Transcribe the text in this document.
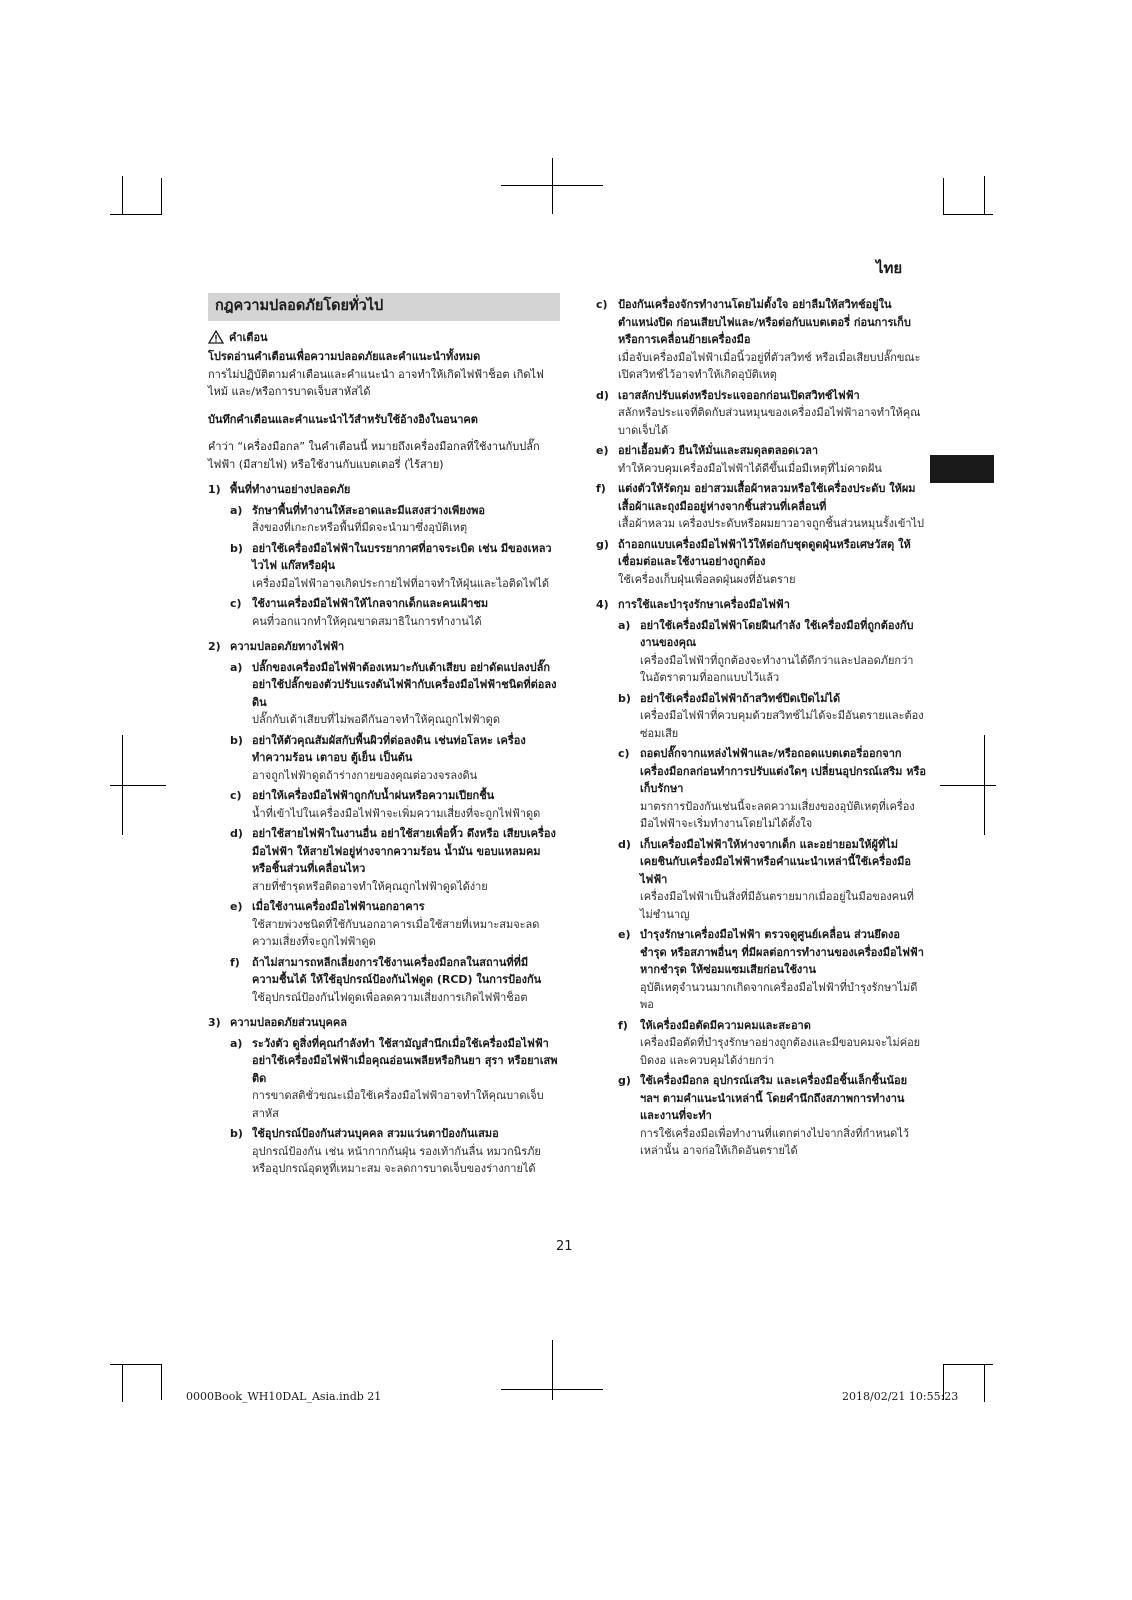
ไทย
กฎความปลอดภัยโดยทั่วไป
คำเตือน
โปรดอ่านคำเตือนเพื่อความปลอดภัยและคำแนะนำทั้งหมด
การไม่ปฏิบัติตามคำเตือนและคำแนะนำ อาจทำให้เกิดไฟฟ้าช็อต เกิดไฟไหม้ และ/หรือการบาดเจ็บสาหัสได้
บันทึกคำเตือนและคำแนะนำไว้สำหรับใช้อ้างอิงในอนาคต
คำว่า “เครื่องมือกล” ในคำเตือนนี้ หมายถึงเครื่องมือกลที่ใช้งานกับปลั๊กไฟฟ้า (มีสายไฟ) หรือใช้งานกับแบตเตอรี่ (ไร้สาย)
1) พื้นที่ทำงานอย่างปลอดภัย
a) รักษาพื้นที่ทำงานให้สะอาดและมีแสงสว่างเพียงพอ
สิ่งของที่เกะกะหรือพื้นที่มืดจะนำมาซึ่งอุบัติเหตุ
b) อย่าใช้เครื่องมือไฟฟ้าในบรรยากาศที่อาจระเบิด เช่น มีของเหลวไวไฟ แก๊สหรือฝุ่น
เครื่องมือไฟฟ้าอาจเกิดประกายไฟที่อาจทำให้ฝุ่นและไอติดไฟได้
c) ใช้งานเครื่องมือไฟฟ้าให้ไกลจากเด็กและคนเฝ้าชม
คนที่วอกแวกทำให้คุณขาดสมาธิในการทำงานได้
2) ความปลอดภัยทางไฟฟ้า
a) ปลั๊กของเครื่องมือไฟฟ้าต้องเหมาะกับเต้าเสียบ อย่าดัดแปลงปลั๊ก อย่าใช้ปลั๊กของตัวปรับแรงดันไฟฟ้ากับเครื่องมือไฟฟ้าชนิดที่ต่อลงดิน
ปลั๊กกับเต้าเสียบที่ไม่พอดีกันอาจทำให้คุณถูกไฟฟ้าดูด
b) อย่าให้ตัวคุณสัมผัสกับพื้นผิวที่ต่อลงดิน เช่นท่อโลหะ เครื่องทำความร้อน เตาอบ ตู้เย็น เป็นต้น
อาจถูกไฟฟ้าดูดถ้าร่างกายของคุณต่อวงจรลงดิน
c) อย่าให้เครื่องมือไฟฟ้าถูกกับน้ำฝนหรือความเปียกชื้น
น้ำที่เข้าไปในเครื่องมือไฟฟ้าจะเพิ่มความเสี่ยงที่จะถูกไฟฟ้าดูด
d) อย่าใช้สายไฟฟ้าในงานอื่น อย่าใช้สายเพื่อหิ้ว ดึงหรือ เสียบเครื่องมือไฟฟ้า ให้สายไฟอยู่ห่างจากความร้อน น้ำมัน ขอบแหลมคมหรือชิ้นส่วนที่เคลื่อนไหว
สายที่ชำรุดหรือติดอาจทำให้คุณถูกไฟฟ้าดูดได้ง่าย
e) เมื่อใช้งานเครื่องมือไฟฟ้านอกอาคาร
ใช้สายพ่วงชนิดที่ใช้กับนอกอาคารเมื่อใช้สายที่เหมาะสมจะลดความเสี่ยงที่จะถูกไฟฟ้าดูด
f)	ถ้าไม่สามารถหลีกเลี่ยงการใช้งานเครื่องมือกลในสถานที่ที่มีความชื้นได้ ให้ใช้อุปกรณ์ป้องกันไฟดูด (RCD) ในการป้องกัน
ใช้อุปกรณ์ป้องกันไฟดูดเพื่อลดความเสี่ยงการเกิดไฟฟ้าช็อต
3) ความปลอดภัยส่วนบุคคล
a) ระวังตัว ดูสิ่งที่คุณกำลังทำ ใช้สามัญสำนึกเมื่อใช้เครื่องมือไฟฟ้า อย่าใช้เครื่องมือไฟฟ้าเมื่อคุณอ่อนเพลียหรือกินยา สุรา หรือยาเสพติด
การขาดสติชั่วขณะเมื่อใช้เครื่องมือไฟฟ้าอาจทำให้คุณบาดเจ็บสาหัส
b) ใช้อุปกรณ์ป้องกันส่วนบุคคล สวมแว่นตาป้องกันเสมอ
อุปกรณ์ป้องกัน เช่น หน้ากากกันฝุ่น รองเท้ากันลื่น หมวกนิรภัย หรืออุปกรณ์อุดหูที่เหมาะสม จะลดการบาดเจ็บของร่างกายได้
c) ป้องกันเครื่องจักรทำงานโดยไม่ตั้งใจ อย่าลืมให้สวิทช์อยู่ในตำแหน่งปิด ก่อนเสียบไฟและ/หรือต่อกับแบตเตอรี่ ก่อนการเก็บ หรือการเคลื่อนย้ายเครื่องมือ
เมื่อจับเครื่องมือไฟฟ้าเมื่อนิ้วอยู่ที่ตัวสวิทช์ หรือเมื่อเสียบปลั๊กขณะเปิดสวิทช์ไว้อาจทำให้เกิดอุบัติเหตุ
d) เอาสลักปรับแต่งหรือประแจออกก่อนเปิดสวิทช์ไฟฟ้า
สลักหรือประแจที่ติดกับส่วนหมุนของเครื่องมือไฟฟ้าอาจทำให้คุณบาดเจ็บได้
e) อย่าเอื้อมตัว ยืนให้มั่นและสมดุลตลอดเวลา
ทำให้ควบคุมเครื่องมือไฟฟ้าได้ดีขึ้นเมื่อมีเหตุที่ไม่คาดฝัน
f)	แต่งตัวให้รัดกุม อย่าสวมเสื้อผ้าหลวมหรือใช้เครื่องประดับ ให้ผม เสื้อผ้าและถุงมืออยู่ห่างจากชิ้นส่วนที่เคลื่อนที่
เสื้อผ้าหลวม เครื่องประดับหรือผมยาวอาจถูกชิ้นส่วนหมุนรั้งเข้าไป
g) ถ้าออกแบบเครื่องมือไฟฟ้าไว้ให้ต่อกับชุดดูดฝุ่นหรือเศษวัสดุ ให้เชื่อมต่อและใช้งานอย่างถูกต้อง
ใช้เครื่องเก็บฝุ่นเพื่อลดฝุ่นผงที่อันตราย
4) การใช้และบำรุงรักษาเครื่องมือไฟฟ้า
a) อย่าใช้เครื่องมือไฟฟ้าโดยฝืนกำลัง ใช้เครื่องมือที่ถูกต้องกับงานของคุณ
เครื่องมือไฟฟ้าที่ถูกต้องจะทำงานได้ดีกว่าและปลอดภัยกว่า ในอัตราตามที่ออกแบบไว้แล้ว
b) อย่าใช้เครื่องมือไฟฟ้าถ้าสวิทช์ปิดเปิดไม่ได้
เครื่องมือไฟฟ้าที่ควบคุมด้วยสวิทช์ไม่ได้จะมีอันตรายและต้องซ่อมเสีย
c) ถอดปลั๊กจากแหล่งไฟฟ้าและ/หรือถอดแบตเตอรี่ออกจากเครื่องมือกลก่อนทำการปรับแต่งใดๆ เปลี่ยนอุปกรณ์เสริม หรือเก็บรักษา
มาตรการป้องกันเช่นนี้จะลดความเสี่ยงของอุบัติเหตุที่เครื่องมือไฟฟ้าจะเริ่มทำงานโดยไม่ได้ตั้งใจ
d) เก็บเครื่องมือไฟฟ้าให้ห่างจากเด็ก และอย่ายอมให้ผู้ที่ไม่เคยชินกับเครื่องมือไฟฟ้าหรือคำแนะนำเหล่านี้ใช้เครื่องมือไฟฟ้า
เครื่องมือไฟฟ้าเป็นสิ่งที่มีอันตรายมากเมื่ออยู่ในมือของคนที่ไม่ชำนาญ
e) บำรุงรักษาเครื่องมือไฟฟ้า ตรวจดูศูนย์เคลื่อน ส่วนยึดงอ ชำรุด หรือสภาพอื่นๆ ที่มีผลต่อการทำงานของเครื่องมือไฟฟ้า หากชำรุด ให้ซ่อมแซมเสียก่อนใช้งาน
อุบัติเหตุจำนวนมากเกิดจากเครื่องมือไฟฟ้าที่บำรุงรักษาไม่ดีพอ
f)	ให้เครื่องมือตัดมีความคมและสะอาด
เครื่องมือตัดที่บำรุงรักษาอย่างถูกต้องและมีขอบคมจะไม่ค่อยบิดงอ และควบคุมได้ง่ายกว่า
g) ใช้เครื่องมือกล อุปกรณ์เสริม และเครื่องมือชิ้นเล็กชิ้นน้อย ฯลฯ ตามคำแนะนำเหล่านี้ โดยคำนึกถึงสภาพการทำงาน และงานที่จะทำ
การใช้เครื่องมือเพื่อทำงานที่แตกต่างไปจากสิ่งที่กำหนดไว้เหล่านั้น อาจก่อให้เกิดอันตรายได้
21
0000Book_WH10DAL_Asia.indb 21	2018/02/21 10:55:23
